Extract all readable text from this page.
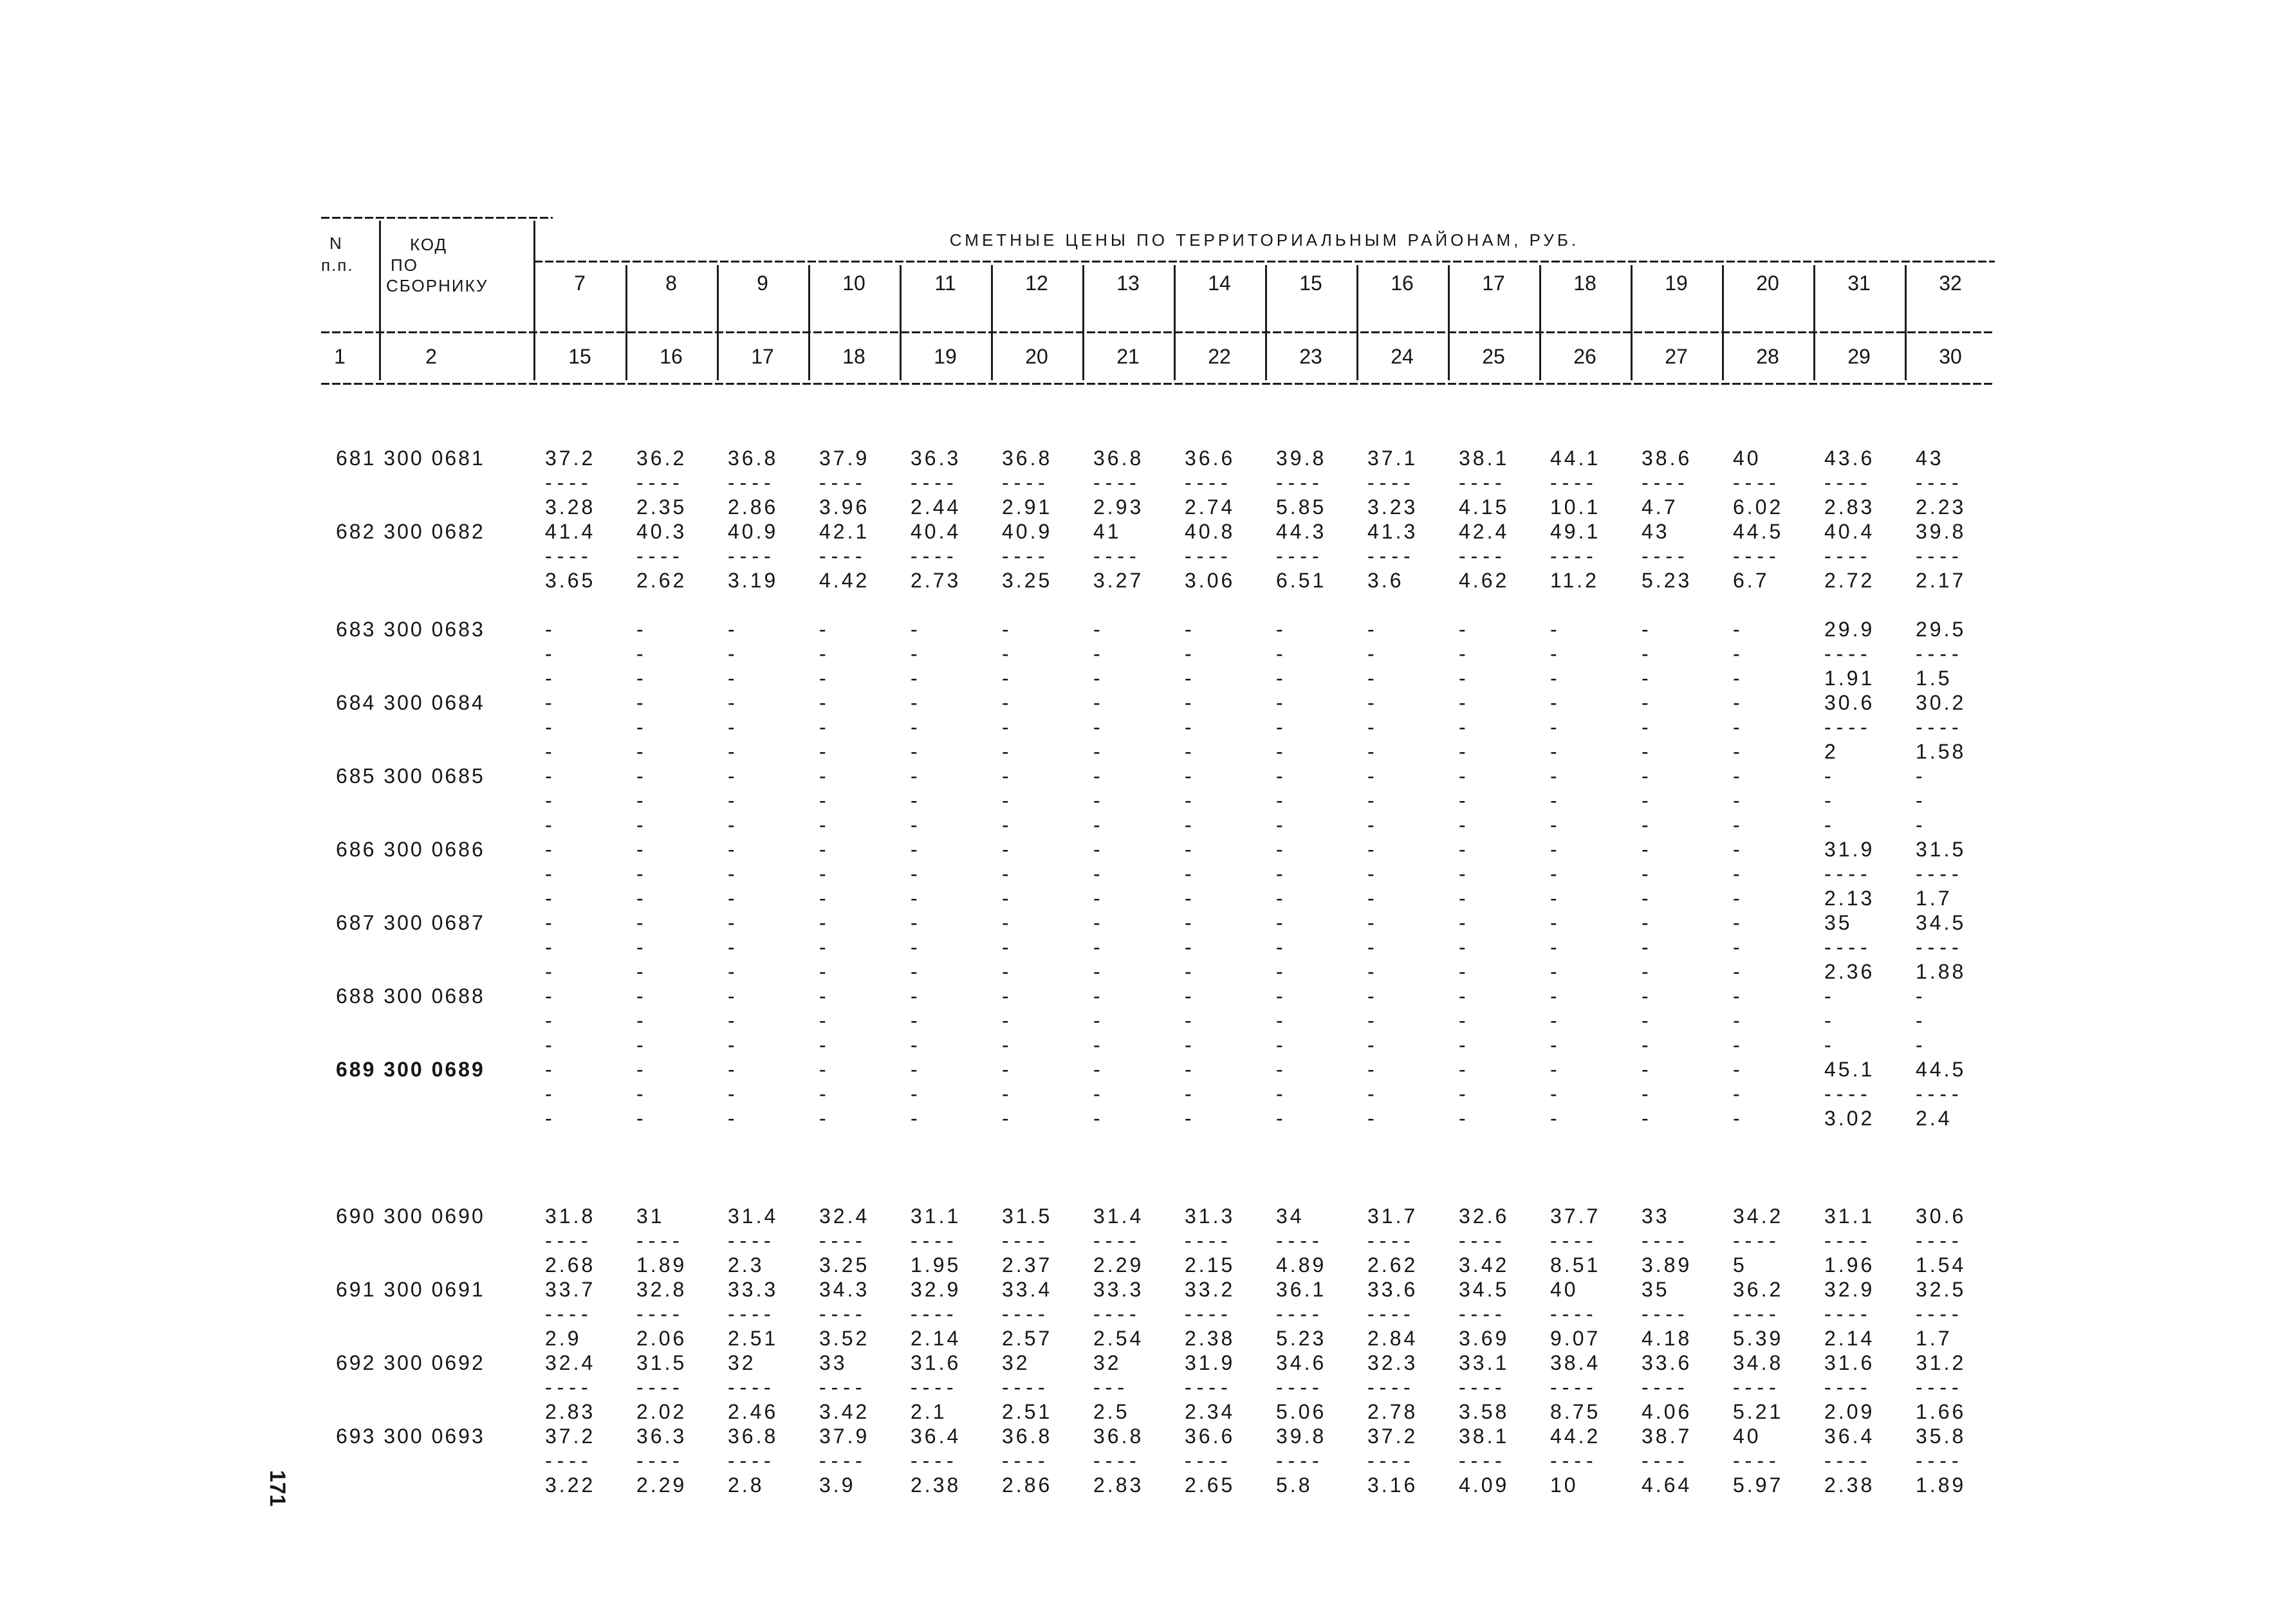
N
п.п.
КОД
ПО
СБОРНИКУ
СМЕТНЫЕ ЦЕНЫ ПО ТЕРРИТОРИАЛЬНЫМ РАЙОНАМ, РУБ.
1	2
7	8	9	10	11	12	13	14	15	16	17	18	19	20	31	32
15	16	17	18	19	20	21	22	23	24	25	26	27	28	29	30
681 300 0681	37.2 36.2 36.8 37.9 36.3 36.8 36.8 36.6 39.8 37.1 38.1 44.1 38.6 40	43.6 43
---- ---- ---- ---- ---- ---- ---- ---- ---- ---- ---- ---- ---- ---- ---- ----
3.28 2.35 2.86 3.96 2.44 2.91 2.93 2.74 5.85 3.23 4.15 10.1 4.7	6.02 2.83 2.23
682 300 0682	41.4 40.3 40.9 42.1 40.4 40.9 41	40.8 44.3 41.3 42.4 49.1 43	44.5 40.4 39.8
---- ---- ---- ---- ---- ---- ---- ---- ---- ---- ---- ---- ---- ---- ---- ----
3.65 2.62 3.19 4.42 2.73 3.25 3.27 3.06 6.51 3.6	4.62 11.2 5.23 6.7	2.72 2.17
683 300 0683	-	-	-	-	-	-	-	-	-	-	-	-	-	-	29.9 29.5
-	-	-	-	-	-	-	-	-	-	-	-	-	-	---- ----
-	-	-	-	-	-	-	-	-	-	-	-	-	-	1.91 1.5
684 300 0684	-	-	-	-	-	-	-	-	-	-	-	-	-	-	30.6 30.2
-	-	-	-	-	-	-	-	-	-	-	-	-	-	---- ----
-	-	-	-	-	-	-	-	-	-	-	-	-	-	2	1.58
685 300 0685	-	-	-	-	-	-	-	-	-	-	-	-	-	-	-	-
-	-	-	-	-	-	-	-	-	-	-	-	-	-	-	-
-	-	-	-	-	-	-	-	-	-	-	-	-	-	-	-
686 300 0686	-	-	-	-	-	-	-	-	-	-	-	-	-	-	31.9 31.5
-	-	-	-	-	-	-	-	-	-	-	-	-	-	---- ----
-	-	-	-	-	-	-	-	-	-	-	-	-	-	2.13 1.7
687 300 0687	-	-	-	-	-	-	-	-	-	-	-	-	-	-	35	34.5
-	-	-	-	-	-	-	-	-	-	-	-	-	-	---- ----
-	-	-	-	-	-	-	-	-	-	-	-	-	-	2.36 1.88
688 300 0688	-	-	-	-	-	-	-	-	-	-	-	-	-	-	-	-
-	-	-	-	-	-	-	-	-	-	-	-	-	-	-	-
-	-	-	-	-	-	-	-	-	-	-	-	-	-	-	-
689 300 0689	-	-	-	-	-	-	-	-	-	-	-	-	-	-	45.1 44.5
-	-	-	-	-	-	-	-	-	-	-	-	-	-	---- ----
-	-	-	-	-	-	-	-	-	-	-	-	-	-	3.02 2.4
690 300 0690	31.8 31	31.4 32.4 31.1 31.5 31.4 31.3 34	31.7 32.6 37.7 33	34.2 31.1 30.6
---- ---- ---- ---- ---- ---- ---- ---- ---- ---- ---- ---- ---- ---- ---- ----
2.68 1.89 2.3	3.25 1.95 2.37 2.29 2.15 4.89 2.62 3.42 8.51 3.89 5	1.96 1.54
691 300 0691	33.7 32.8 33.3 34.3 32.9 33.4 33.3 33.2 36.1 33.6 34.5 40	35	36.2 32.9 32.5
---- ---- ---- ---- ---- ---- ---- ---- ---- ---- ---- ---- ---- ---- ---- ----
2.9	2.06 2.51 3.52 2.14 2.57 2.54 2.38 5.23 2.84 3.69 9.07 4.18 5.39 2.14 1.7
692 300 0692	32.4 31.5 32	33	31.6 32	32	31.9 34.6 32.3 33.1 38.4 33.6 34.8 31.6 31.2
---- ---- ---- ---- ---- ---- ---	---- ---- ---- ---- ---- ---- ---- ---- ----
2.83 2.02 2.46 3.42 2.1	2.51 2.5	2.34 5.06 2.78 3.58 8.75 4.06 5.21 2.09 1.66
693 300 0693	37.2 36.3 36.8 37.9 36.4 36.8 36.8 36.6 39.8 37.2 38.1 44.2 38.7 40	36.4 35.8
---- ---- ---- ---- ---- ---- ---- ---- ---- ---- ---- ---- ---- ---- ---- ----
3.22 2.29 2.8	3.9	2.38 2.86 2.83 2.65 5.8	3.16 4.09 10	4.64 5.97 2.38 1.89
171
